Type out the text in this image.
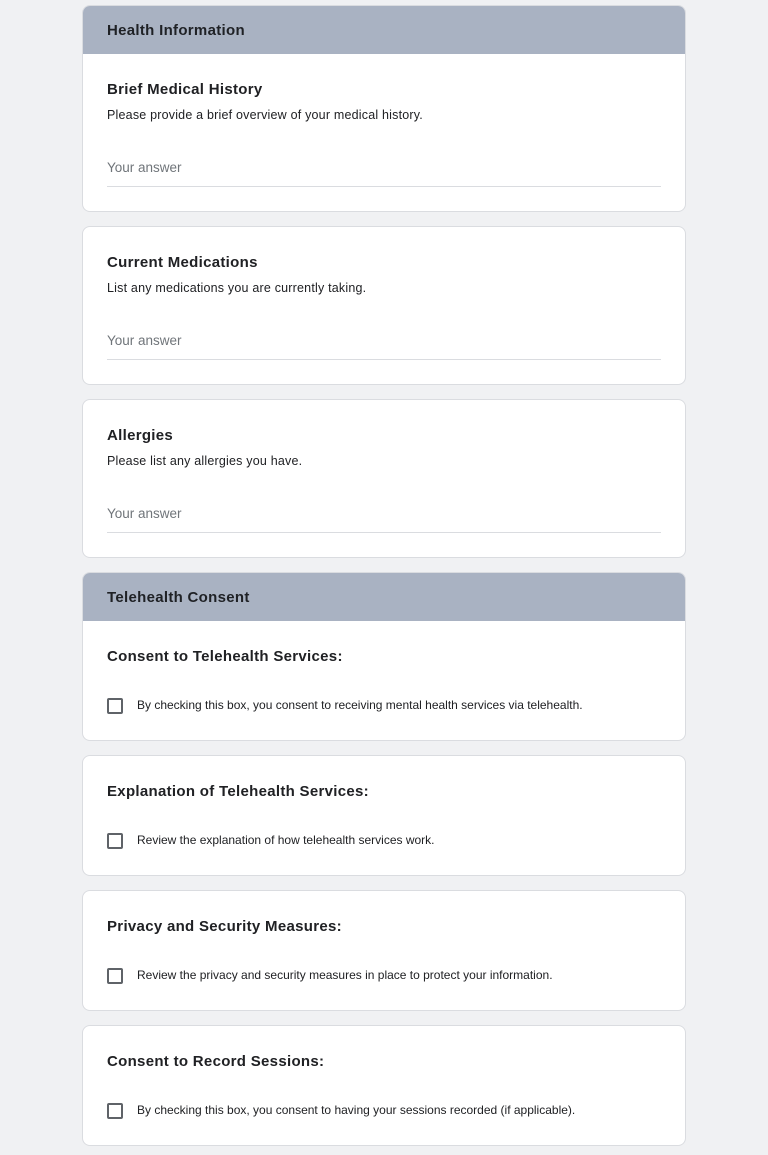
Health Information
Brief Medical History
Please provide a brief overview of your medical history.
Your answer
Current Medications
List any medications you are currently taking.
Your answer
Allergies
Please list any allergies you have.
Your answer
Telehealth Consent
Consent to Telehealth Services:
By checking this box, you consent to receiving mental health services via telehealth.
Explanation of Telehealth Services:
Review the explanation of how telehealth services work.
Privacy and Security Measures:
Review the privacy and security measures in place to protect your information.
Consent to Record Sessions:
By checking this box, you consent to having your sessions recorded (if applicable).
